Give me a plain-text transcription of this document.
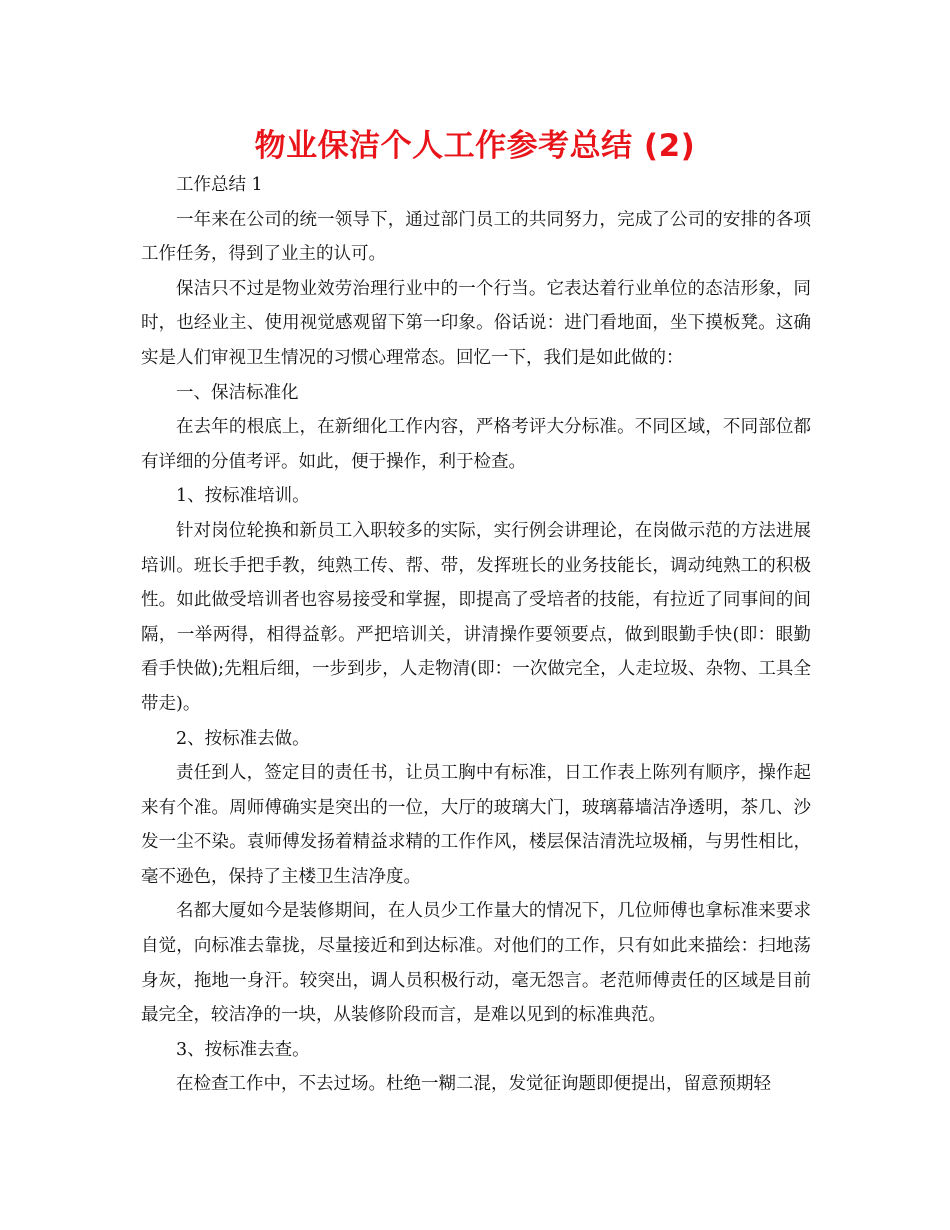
物业保洁个人工作参考总结 (2)

工作总结 1

一年来在公司的统一领导下，通过部门员工的共同努力，完成了公司的安排的各项工作任务，得到了业主的认可。

保洁只不过是物业效劳治理行业中的一个行当。它表达着行业单位的态洁形象，同时，也经业主、使用视觉感观留下第一印象。俗话说：进门看地面，坐下摸板凳。这确实是人们审视卫生情况的习惯心理常态。回忆一下，我们是如此做的：

一、保洁标准化

在去年的根底上，在新细化工作内容，严格考评大分标准。不同区域，不同部位都有详细的分值考评。如此，便于操作，利于检查。

1、按标准培训。

针对岗位轮换和新员工入职较多的实际，实行例会讲理论，在岗做示范的方法进展培训。班长手把手教，纯熟工传、帮、带，发挥班长的业务技能长，调动纯熟工的积极性。如此做受培训者也容易接受和掌握，即提高了受培者的技能，有拉近了同事间的间隔，一举两得，相得益彰。严把培训关，讲清操作要领要点，做到眼勤手快(即：眼勤看手快做);先粗后细，一步到步，人走物清(即：一次做完全，人走垃圾、杂物、工具全带走)。

2、按标准去做。

责任到人，签定目的责任书，让员工胸中有标准，日工作表上陈列有顺序，操作起来有个准。周师傅确实是突出的一位，大厅的玻璃大门，玻璃幕墙洁净透明，茶几、沙发一尘不染。袁师傅发扬着精益求精的工作作风，楼层保洁清洗垃圾桶，与男性相比，毫不逊色，保持了主楼卫生洁净度。

名都大厦如今是装修期间，在人员少工作量大的情况下，几位师傅也拿标准来要求自觉，向标准去靠拢，尽量接近和到达标准。对他们的工作，只有如此来描绘：扫地荡身灰，拖地一身汗。较突出，调人员积极行动，毫无怨言。老范师傅责任的区域是目前最完全，较洁净的一块，从装修阶段而言，是难以见到的标准典范。

3、按标准去查。

在检查工作中，不去过场。杜绝一糊二混，发觉征询题即便提出，留意预期轻
